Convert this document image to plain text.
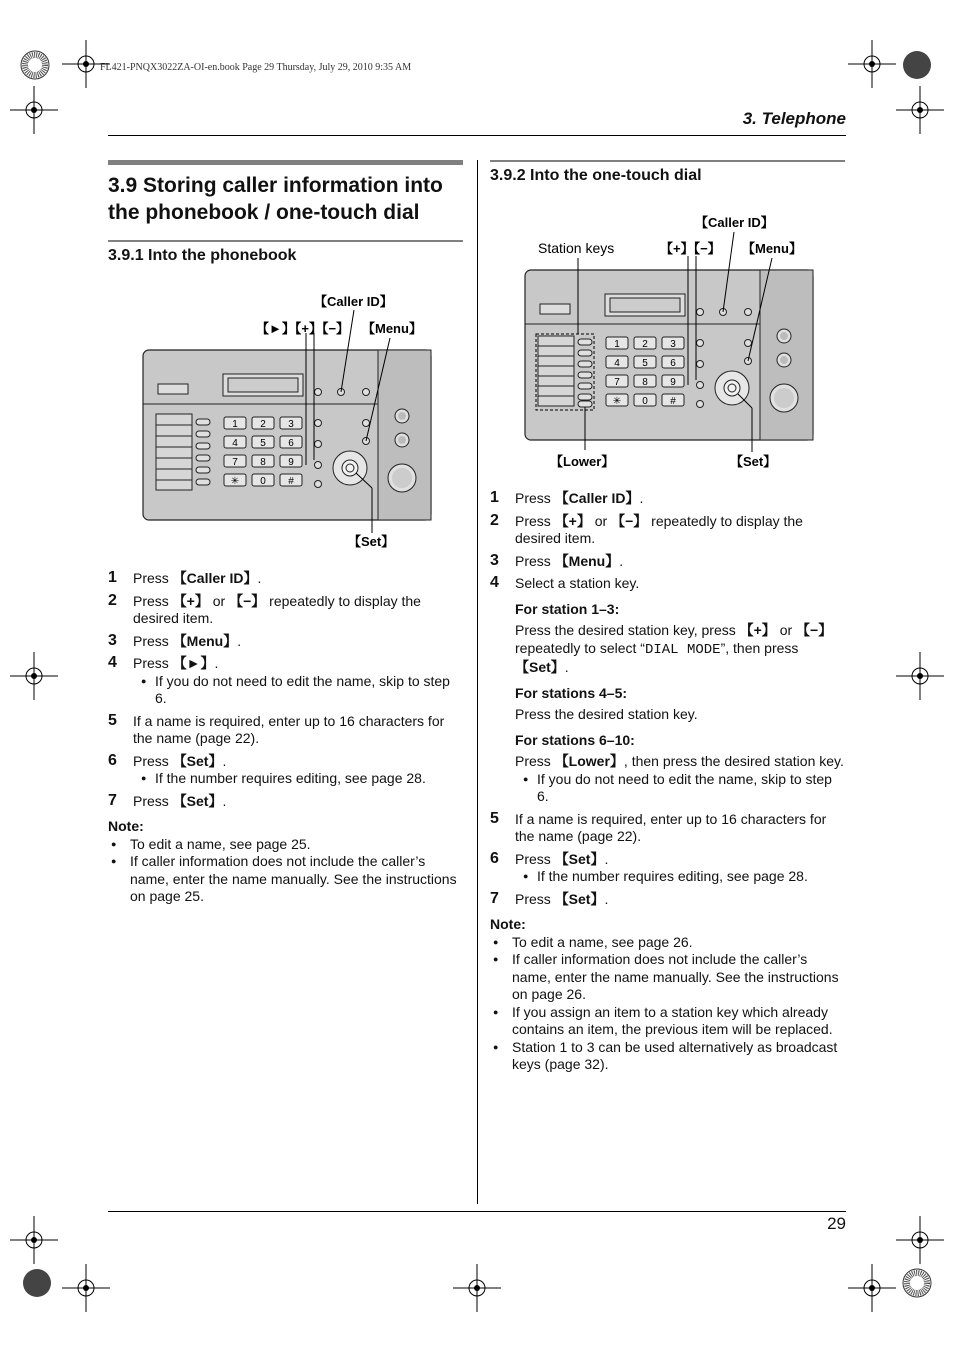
FL421-PNQX3022ZA-OI-en.book Page 29 Thursday, July 29, 2010 9:35 AM
3. Telephone
29
3.9 Storing caller information into the phonebook / one-touch dial
3.9.1 Into the phonebook
【Caller ID】
【►】【+】【−】 【Menu】
【Set】
1 2 3
4 5 6
7 8 9
✳ 0 #
1 Press 【Caller ID】.
2 Press 【+】 or 【−】 repeatedly to display the desired item.
3 Press 【Menu】.
4 Press 【►】.
● If you do not need to edit the name, skip to step 6.
5 If a name is required, enter up to 16 characters for the name (page 22).
6 Press 【Set】.
● If the number requires editing, see page 28.
7 Press 【Set】.
Note:
● To edit a name, see page 25.
● If caller information does not include the caller’s name, enter the name manually. See the instructions on page 25.
3.9.2 Into the one-touch dial
【Caller ID】
Station keys	【+】【−】 【Menu】
【Lower】	【Set】
1 2 3
4 5 6
7 8 9
✳ 0 #
1 Press 【Caller ID】.
2 Press 【+】 or 【−】 repeatedly to display the desired item.
3 Press 【Menu】.
4 Select a station key.
For station 1–3:
Press the desired station key, press 【+】 or 【−】 repeatedly to select “DIAL MODE”, then press 【Set】.
For stations 4–5:
Press the desired station key.
For stations 6–10:
Press 【Lower】, then press the desired station key.
● If you do not need to edit the name, skip to step 6.
5 If a name is required, enter up to 16 characters for the name (page 22).
6 Press 【Set】.
● If the number requires editing, see page 28.
7 Press 【Set】.
Note:
● To edit a name, see page 26.
● If caller information does not include the caller’s name, enter the name manually. See the instructions on page 26.
● If you assign an item to a station key which already contains an item, the previous item will be replaced.
● Station 1 to 3 can be used alternatively as broadcast keys (page 32).
